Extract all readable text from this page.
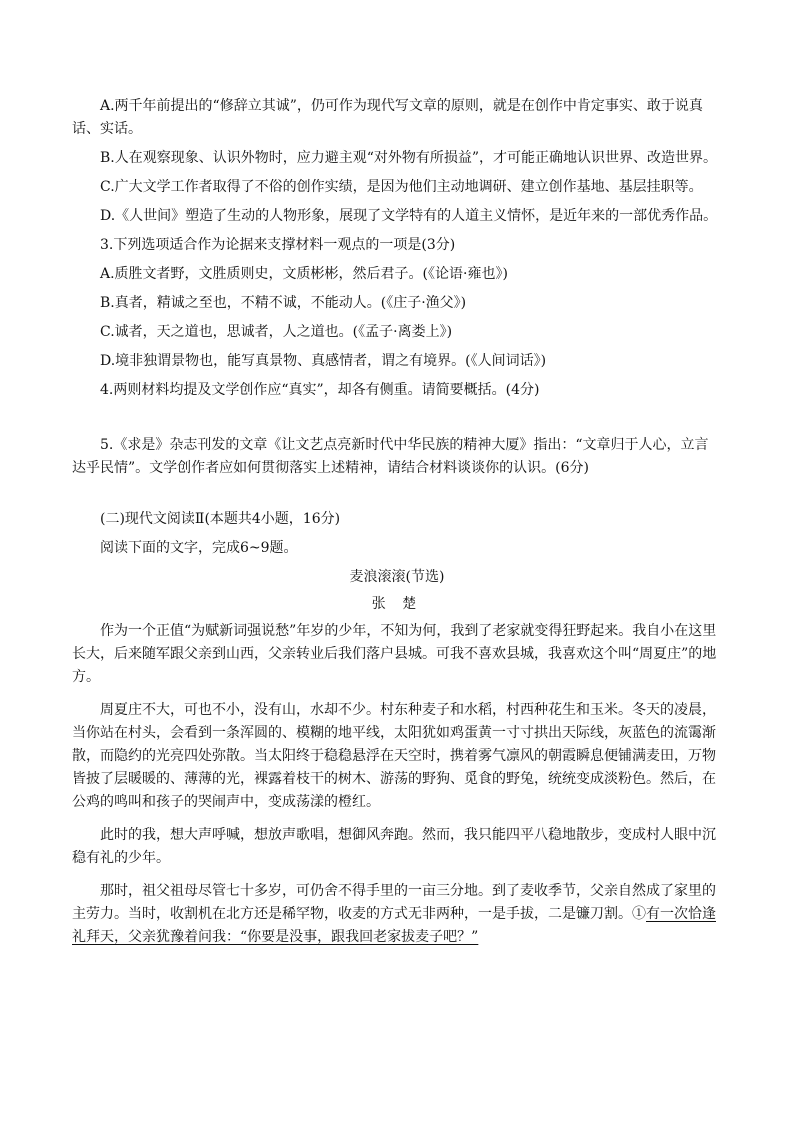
A.两千年前提出的“修辞立其诚”，仍可作为现代写文章的原则，就是在创作中肯定事实、敢于说真话、实话。

B.人在观察现象、认识外物时，应力避主观“对外物有所损益”，才可能正确地认识世界、改造世界。

C.广大文学工作者取得了不俗的创作实绩，是因为他们主动地调研、建立创作基地、基层挂职等。

D.《人世间》塑造了生动的人物形象，展现了文学特有的人道主义情怀，是近年来的一部优秀作品。

3.下列选项适合作为论据来支撑材料一观点的一项是(3分)

A.质胜文者野，文胜质则史，文质彬彬，然后君子。(《论语·雍也》)

B.真者，精诚之至也，不精不诚，不能动人。(《庄子·渔父》)

C.诚者，天之道也，思诚者，人之道也。(《孟子·离娄上》)

D.境非独谓景物也，能写真景物、真感情者，谓之有境界。(《人间词话》)

4.两则材料均提及文学创作应“真实”，却各有侧重。请简要概括。(4分)

5.《求是》杂志刊发的文章《让文艺点亮新时代中华民族的精神大厦》指出：“文章归于人心，立言达乎民情”。文学创作者应如何贯彻落实上述精神，请结合材料谈谈你的认识。(6分)

(二)现代文阅读Ⅱ(本题共4小题，16分)

阅读下面的文字，完成6~9题。

麦浪滚滚(节选)

张 楚

作为一个正值“为赋新词强说愁”年岁的少年，不知为何，我到了老家就变得狂野起来。我自小在这里长大，后来随军跟父亲到山西，父亲转业后我们落户县城。可我不喜欢县城，我喜欢这个叫“周夏庄”的地方。

周夏庄不大，可也不小，没有山，水却不少。村东种麦子和水稻，村西种花生和玉米。冬天的凌晨，当你站在村头，会看到一条浑圆的、模糊的地平线，太阳犹如鸡蛋黄一寸寸拱出天际线，灰蓝色的流霭渐散，而隐约的光亮四处弥散。当太阳终于稳稳悬浮在天空时，携着雾气凛风的朝霞瞬息便铺满麦田，万物皆披了层暖暖的、薄薄的光，裸露着枝干的树木、游荡的野狗、觅食的野兔，统统变成淡粉色。然后，在公鸡的鸣叫和孩子的哭闹声中，变成荡漾的橙红。

此时的我，想大声呼喊，想放声歌唱，想御风奔跑。然而，我只能四平八稳地散步，变成村人眼中沉稳有礼的少年。

那时，祖父祖母尽管七十多岁，可仍舍不得手里的一亩三分地。到了麦收季节，父亲自然成了家里的主劳力。当时，收割机在北方还是稀罕物，收麦的方式无非两种，一是手拔，二是镰刀割。①有一次恰逢礼拜天，父亲犹豫着问我：“你要是没事，跟我回老家拔麦子吧？”
